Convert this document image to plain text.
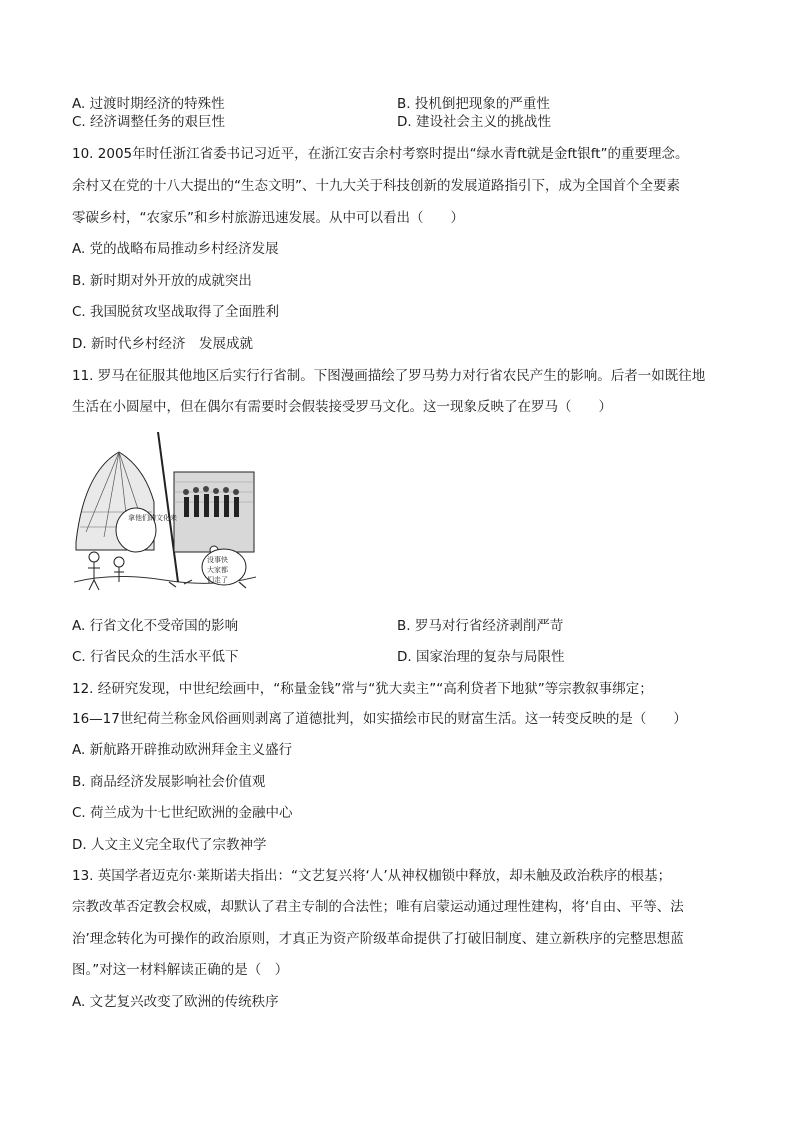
A. 过渡时期经济的特殊性	B. 投机倒把现象的严重性
C. 经济调整任务的艰巨性	D. 建设社会主义的挑战性
10. 2005年时任浙江省委书记习近平，在浙江安吉余村考察时提出“绿水青ft就是金ft银ft”的重要理念。
余村又在党的十八大提出的“生态文明”、十九大关于科技创新的发展道路指引下，成为全国首个全要素
零碳乡村，“农家乐”和乡村旅游迅速发展。从中可以看出（　　）
A. 党的战略布局推动乡村经济发展
B. 新时期对外开放的成就突出
C. 我国脱贫攻坚战取得了全面胜利
D. 新时代乡村经济　发展成就
11. 罗马在征服其他地区后实行行省制。下图漫画描绘了罗马势力对行省农民产生的影响。后者一如既往地
生活在小圆屋中，但在偶尔有需要时会假装接受罗马文化。这一现象反映了在罗马（　　）
拿他们的文化来
没事快
大家都
们走了
A. 行省文化不受帝国的影响	B. 罗马对行省经济剥削严苛
C. 行省民众的生活水平低下	D. 国家治理的复杂与局限性
12. 经研究发现，中世纪绘画中，“称量金钱”常与“犹大卖主”“高利贷者下地狱”等宗教叙事绑定；
16—17世纪荷兰称金风俗画则剥离了道德批判，如实描绘市民的财富生活。这一转变反映的是（　　）
A. 新航路开辟推动欧洲拜金主义盛行
B. 商品经济发展影响社会价值观
C. 荷兰成为十七世纪欧洲的金融中心
D. 人文主义完全取代了宗教神学
13. 英国学者迈克尔·莱斯诺夫指出：“文艺复兴将‘人’从神权枷锁中释放，却未触及政治秩序的根基；
宗教改革否定教会权威，却默认了君主专制的合法性；唯有启蒙运动通过理性建构，将‘自由、平等、法
治’理念转化为可操作的政治原则，才真正为资产阶级革命提供了打破旧制度、建立新秩序的完整思想蓝
图。”对这一材料解读正确的是（　）
A. 文艺复兴改变了欧洲的传统秩序
